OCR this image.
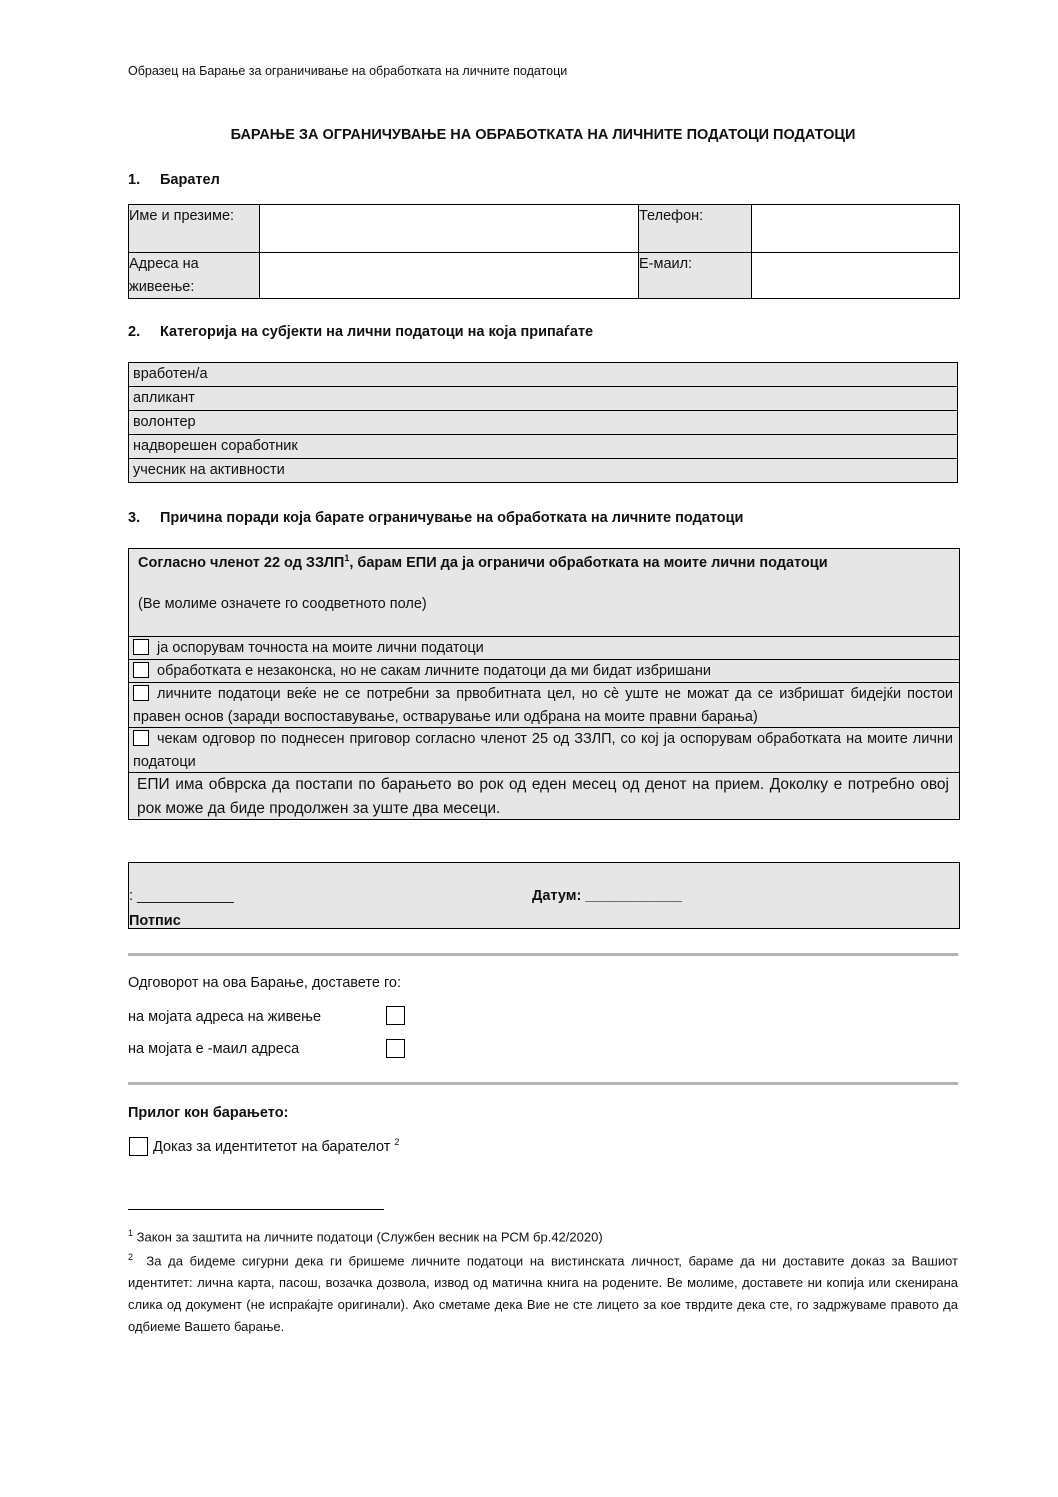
Образец на Барање за ограничивање на обработката на личните податоци
БАРАЊЕ ЗА ОГРАНИЧУВАЊЕ НА ОБРАБОТКАТА НА ЛИЧНИТЕ ПОДАТОЦИ ПОДАТОЦИ
1. Барател
Име и презиме:	Телефон:
Адреса на
живеење:
Е-маил:
2. Категорија на субјекти на лични податоци на која припаѓате
вработен/а
апликант
волонтер
надворешен соработник
учесник на активности
3. Причина поради која барате ограничување на обработката на личните податоци
Согласно членот 22 од ЗЗЛП$^1$, барам ЕПИ да ја ограничи обработката на моите лични податоци
(Ве молиме означете го соодветното поле)
ја оспорувам точноста на моите лични податоци
обработката е незаконска, но не сакам личните податоци да ми бидат избришани
личните податоци веќе не се потребни за првобитната цел, но сѐ уште не можат да се избришат бидејќи постои правен основ (заради воспоставување, остварување или одбрана на моите правни барања)
чекам одговор по поднесен приговор согласно членот 25 од ЗЗЛП, со кој ја оспорувам обработката на моите лични податоци
ЕПИ има обврска да постапи по барањето во рок од еден месец од денот на прием. Доколку е потребно овој рок може да биде продолжен за уште два месеци.
Потпис
: ____________	Датум: ____________
Одговорот на ова Барање, доставете го:
на мојата адреса на живење
на мојата е -маил адреса
Прилог кон барањето:
Доказ за идентитетот на барателот $^2$
$^1$ Закон за заштита на личните податоци (Службен весник на РСМ бр.42/2020)
$^2$ За да бидеме сигурни дека ги бришеме личните податоци на вистинската личност, бараме да ни доставите доказ за Вашиот идентитет: лична карта, пасош, возачка дозвола, извод од матична книга на родените. Ве молиме, доставете ни копија или скенирана слика од документ (не испраќајте оригинали). Ако сметаме дека Вие не сте лицето за кое тврдите дека сте, го задржуваме правото да одбиеме Вашето барање.
